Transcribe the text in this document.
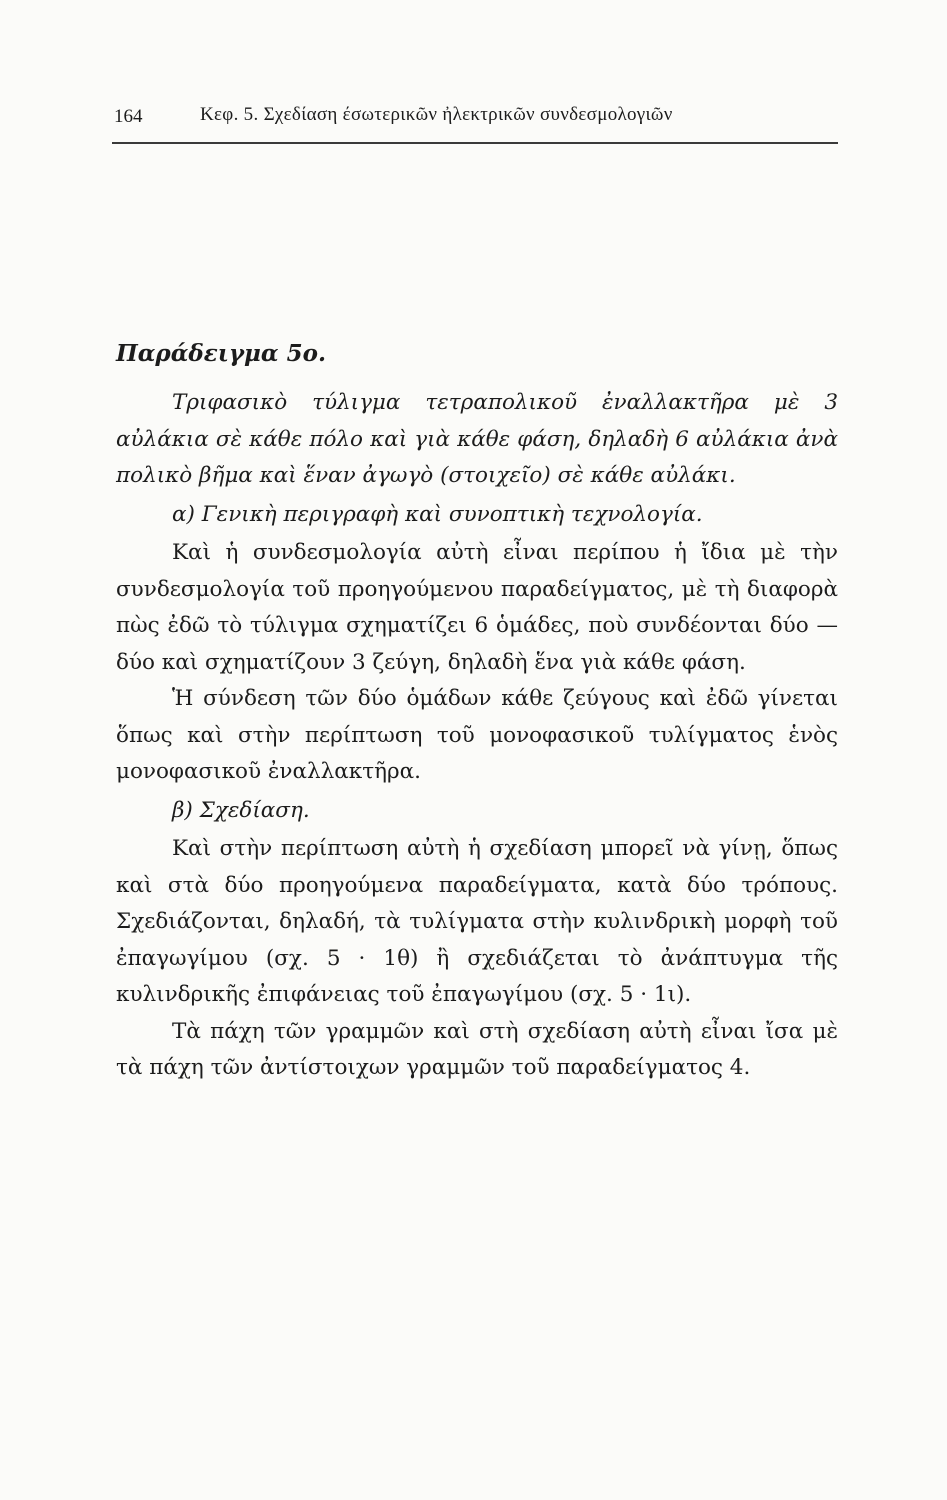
164	Κεφ. 5. Σχεδίαση έσωτερικῶν ἠλεκτρικῶν συνδεσμολογιῶν
Παράδειγμα 5ο.

Τριφασικὸ τύλιγμα τετραπολικοῦ ἐναλλακτῆρα μὲ 3 αὐλάκια σὲ κάθε πόλο καὶ γιὰ κάθε φάση, δηλαδὴ 6 αὐλάκια ἀνὰ πολικὸ βῆμα καὶ ἕναν ἀγωγὸ (στοιχεῖο) σὲ κάθε αὐλάκι.

α) Γενικὴ περιγραφὴ καὶ συνοπτικὴ τεχνολογία.

Καὶ ἡ συνδεσμολογία αὐτὴ εἶναι περίπου ἡ ἴδια μὲ τὴν συνδεσμολογία τοῦ προηγούμενου παραδείγματος, μὲ τὴ διαφορὰ πὼς ἐδῶ τὸ τύλιγμα σχηματίζει 6 ὁμάδες, ποὺ συνδέονται δύο — δύο καὶ σχηματίζουν 3 ζεύγη, δηλαδὴ ἕνα γιὰ κάθε φάση.

Ἡ σύνδεση τῶν δύο ὁμάδων κάθε ζεύγους καὶ ἐδῶ γίνεται ὅπως καὶ στὴν περίπτωση τοῦ μονοφασικοῦ τυλίγματος ἑνὸς μονοφασικοῦ ἐναλλακτῆρα.

β) Σχεδίαση.

Καὶ στὴν περίπτωση αὐτὴ ἡ σχεδίαση μπορεῖ νὰ γίνῃ, ὅπως καὶ στὰ δύο προηγούμενα παραδείγματα, κατὰ δύο τρόπους. Σχεδιάζονται, δηλαδή, τὰ τυλίγματα στὴν κυλινδρικὴ μορφὴ τοῦ ἐπαγωγίμου (σχ. 5 · 1θ) ἢ σχεδιάζεται τὸ ἀνάπτυγμα τῆς κυλινδρικῆς ἐπιφάνειας τοῦ ἐπαγωγίμου (σχ. 5 · 1ι).

Τὰ πάχη τῶν γραμμῶν καὶ στὴ σχεδίαση αὐτὴ εἶναι ἴσα μὲ τὰ πάχη τῶν ἀντίστοιχων γραμμῶν τοῦ παραδείγματος 4.
